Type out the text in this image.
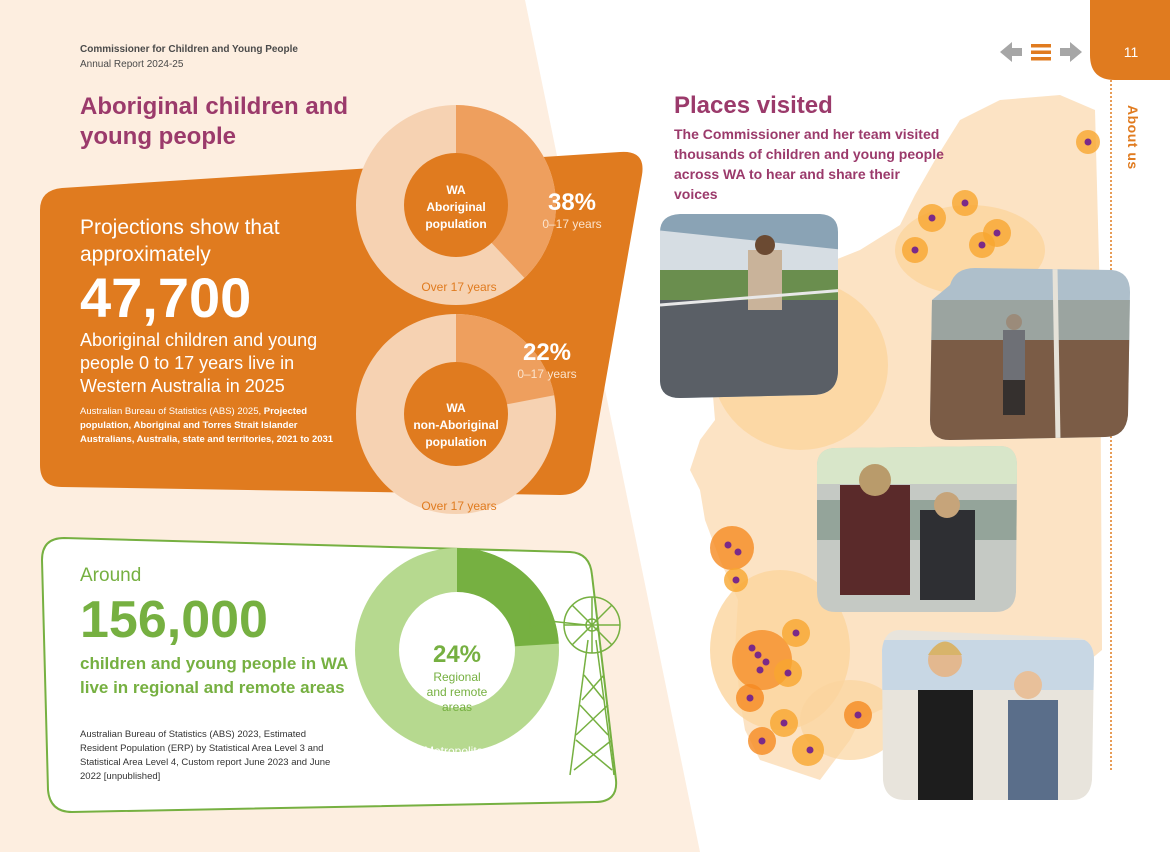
WA Aboriginal population
38%
0–17 years
Over 17 years
WA non-Aboriginal population
22%
0–17 years
Over 17 years
24%
Regional and remote areas
Metropolitan
Commissioner for Children and Young People
Annual Report 2024-25
11
About us
Aboriginal children and young people
Projections show that approximately
47,700
Aboriginal children and young people 0 to 17 years live in Western Australia in 2025
Australian Bureau of Statistics (ABS) 2025, Projected population, Aboriginal and Torres Strait Islander Australians, Australia, state and territories, 2021 to 2031
Around
156,000
children and young people in WA live in regional and remote areas
Australian Bureau of Statistics (ABS) 2023, Estimated Resident Population (ERP) by Statistical Area Level 3 and Statistical Area Level 4, Custom report June 2023 and June 2022 [unpublished]
Places visited
The Commissioner and her team visited thousands of children and young people across WA to hear and share their voices
